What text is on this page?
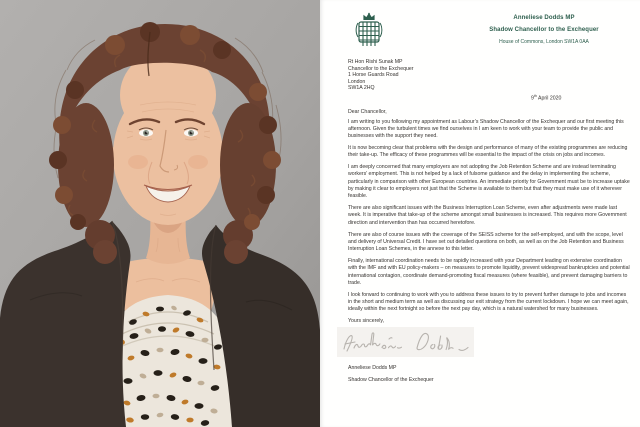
Anneliese Dodds MP
Shadow Chancellor to the Exchequer
House of Commons, London SW1A 0AA
Rt Hon Rishi Sunak MP
Chancellor to the Exchequer
1 Horse Guards Road
London
SW1A 2HQ
9th April 2020

Dear Chancellor,

I am writing to you following my appointment as Labour’s Shadow Chancellor of the Exchequer and our first meeting this afternoon. Given the turbulent times we find ourselves in I am keen to work with your team to provide the public and businesses with the support they need.

It is now becoming clear that problems with the design and performance of many of the existing programmes are reducing their take-up. The efficacy of these programmes will be essential to the impact of the crisis on jobs and incomes.

I am deeply concerned that many employers are not adopting the Job Retention Scheme and are instead terminating workers’ employment. This is not helped by a lack of fulsome guidance and the delay in implementing the scheme, particularly in comparison with other European countries. An immediate priority for Government must be to increase uptake by making it clear to employers not just that the Scheme is available to them but that they must make use of it wherever feasible.

There are also significant issues with the Business Interruption Loan Scheme, even after adjustments were made last week. It is imperative that take-up of the scheme amongst small businesses is increased. This requires more Government direction and intervention than has occurred heretofore.

There are also of course issues with the coverage of the SEISS scheme for the self-employed, and with the scope, level and delivery of Universal Credit. I have set out detailed questions on both, as well as on the Job Retention and Business Interruption Loan Schemes, in the annexe to this letter.

Finally, international coordination needs to be rapidly increased with your Department leading on extensive coordination with the IMF and with EU policy-makers – on measures to promote liquidity, prevent widespread bankruptcies and potential international contagion, coordinate demand-promoting fiscal measures (where feasible), and prevent damaging barriers to trade.

I look forward to continuing to work with you to address these issues to try to prevent further damage to jobs and incomes in the short and medium term as well as discussing our exit strategy from the current lockdown. I hope we can meet again, ideally within the next fortnight so before the next pay day, which is a natural watershed for many businesses.

Yours sincerely,

Anneliese Dodds MP

Shadow Chancellor of the Exchequer
